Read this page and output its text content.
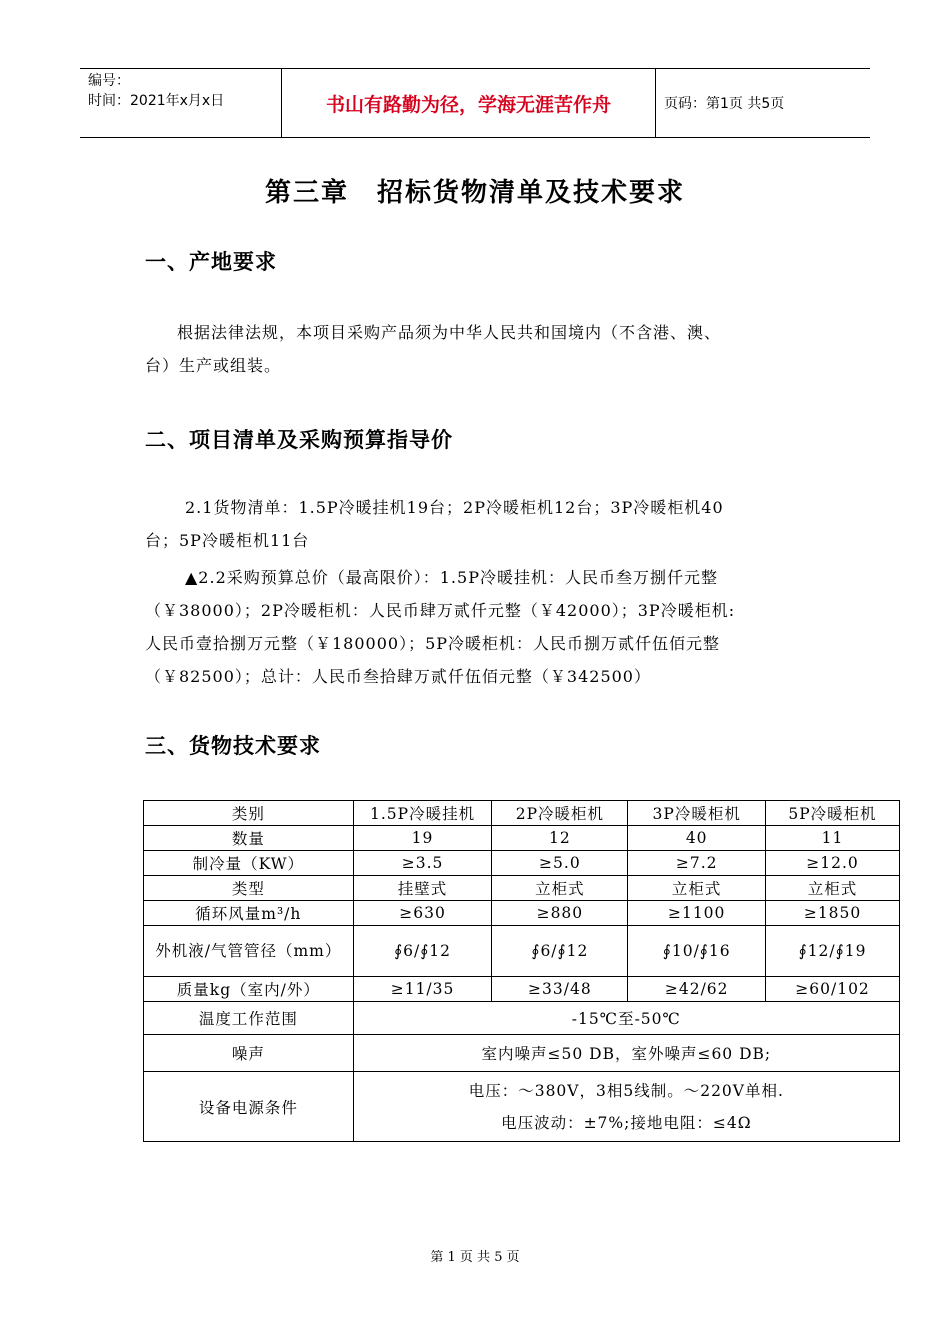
编号：
时间：2021年x月x日	书山有路勤为径，学海无涯苦作舟	页码：第1页 共5页
第三章　招标货物清单及技术要求
一、产地要求
根据法律法规，本项目采购产品须为中华人民共和国境内（不含港、澳、
台）生产或组装。
二、项目清单及采购预算指导价
2.1货物清单：1.5P冷暖挂机19台；2P冷暖柜机12台；3P冷暖柜机40
台；5P冷暖柜机11台
▲2.2采购预算总价（最高限价）：1.5P冷暖挂机：人民币叁万捌仟元整
（￥38000）；2P冷暖柜机：人民币肆万贰仟元整（￥42000）；3P冷暖柜机:
人民币壹拾捌万元整（￥180000）；5P冷暖柜机：人民币捌万贰仟伍佰元整
（￥82500）；总计：人民币叁拾肆万贰仟伍佰元整（￥342500）
三、货物技术要求
类别	1.5P冷暖挂机	2P冷暖柜机	3P冷暖柜机	5P冷暖柜机
数量	19	12	40	11
制冷量（KW）	≥3.5	≥5.0	≥7.2	≥12.0
类型	挂壁式	立柜式	立柜式	立柜式
循环风量m³/h	≥630	≥880	≥1100	≥1850
外机液/气管管径（mm）	∮6/∮12	∮6/∮12	∮10/∮16	∮12/∮19
质量kg（室内/外）	≥11/35	≥33/48	≥42/62	≥60/102
温度工作范围	-15℃至-50℃			
噪声	室内噪声≤50 DB，室外噪声≤60 DB;			
设备电源条件	电压：～380V，3相5线制。～220V单相.
电压波动：±7%;接地电阻：≤4Ω			
第 1 页 共 5 页
